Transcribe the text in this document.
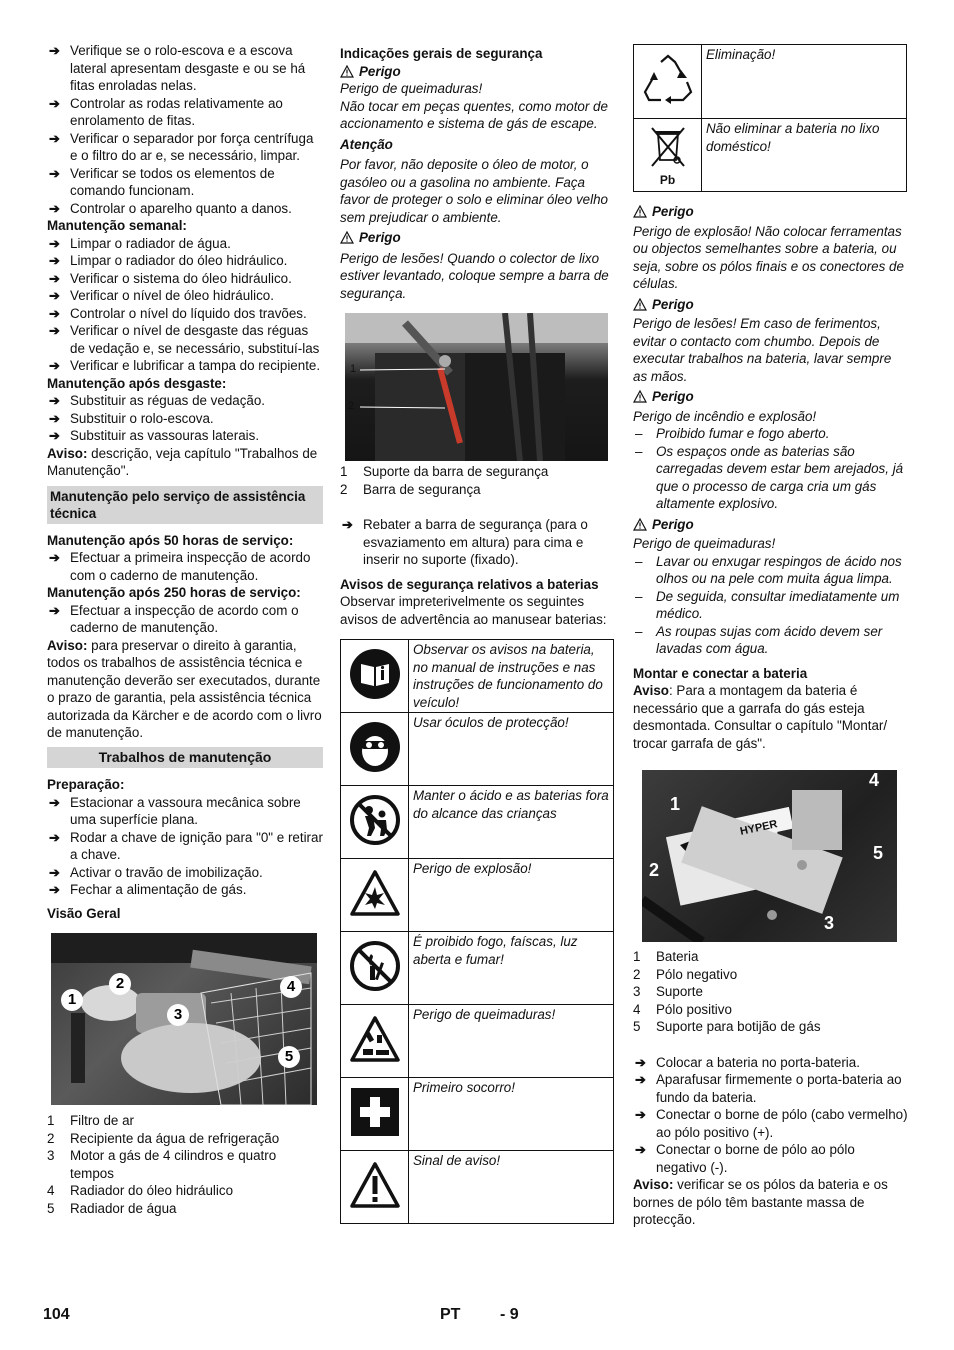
➔ Verifique se o rolo-escova e a escova lateral apresentam desgaste e ou se há fitas enroladas nelas.
➔ Controlar as rodas relativamente ao enrolamento de fitas.
➔ Verificar o separador por força centrífuga e o filtro do ar e, se necessário, limpar.
➔ Verificar se todos os elementos de comando funcionam.
➔ Controlar o aparelho quanto a danos.
Manutenção semanal:
➔ Limpar o radiador de água.
➔ Limpar o radiador do óleo hidráulico.
➔ Verificar o sistema do óleo hidráulico.
➔ Verificar o nível de óleo hidráulico.
➔ Controlar o nível do líquido dos travões.
➔ Verificar o nível de desgaste das réguas de vedação e, se necessário, substituí-las
➔ Verificar e lubrificar a tampa do recipiente.
Manutenção após desgaste:
➔ Substituir as réguas de vedação.
➔ Substituir o rolo-escova.
➔ Substituir as vassouras laterais.

Aviso: descrição, veja capítulo "Trabalhos de Manutenção".

Manutenção pelo serviço de assistência técnica
Manutenção após 50 horas de serviço:
➔ Efectuar a primeira inspecção de acordo com o caderno de manutenção.
Manutenção após 250 horas de serviço:
➔ Efectuar a inspecção de acordo com o caderno de manutenção.

Aviso: para preservar o direito à garantia, todos os trabalhos de assistência técnica e manutenção deverão ser executados, durante o prazo de garantia, pela assistência técnica autorizada da Kärcher e de acordo com o livro de manutenção.

Trabalhos de manutenção
Preparação:
➔ Estacionar a vassoura mecânica sobre uma superfície plana.
➔ Rodar a chave de ignição para "0" e retirar a chave.
➔ Activar o travão de imobilização.
➔ Fechar a alimentação de gás.
Visão Geral
1
2
3
4
5
1 Filtro de ar
2 Recipiente da água de refrigeração
3 Motor a gás de 4 cilindros e quatro tempos
4 Radiador do óleo hidráulico
5 Radiador de água
Indicações gerais de segurança
Perigo

Perigo de queimaduras!
Não tocar em peças quentes, como motor de accionamento e sistema de gás de escape.

Atenção

Por favor, não deposite o óleo de motor, o gasóleo ou a gasolina no ambiente. Faça favor de proteger o solo e eliminar óleo velho sem prejudicar o ambiente.

Perigo

Perigo de lesões! Quando o colector de lixo estiver levantado, coloque sempre a barra de segurança.

1
2
1 Suporte da barra de segurança
2 Barra de segurança
➔ Rebater a barra de segurança (para o esvaziamento em altura) para cima e inserir no suporte (fixado).
Avisos de segurança relativos a baterias

Observar impreterivelmente os seguintes avisos de advertência ao manusear baterias:

	Observar os avisos na bateria, no manual de instruções e nas instruções de funcionamento do veículo!
	Usar óculos de protecção!
	Manter o ácido e as baterias fora do alcance das crianças
	Perigo de explosão!
	É proibido fogo, faíscas, luz aberta e fumar!
	Perigo de queimaduras!
	Primeiro socorro!
	Sinal de aviso!
	Eliminação!

Pb	Não eliminar a bateria no lixo doméstico!
Perigo

Perigo de explosão! Não colocar ferramentas ou objectos semelhantes sobre a bateria, ou seja, sobre os pólos finais e os conectores de células.

Perigo

Perigo de lesões! Em caso de ferimentos, evitar o contacto com chumbo. Depois de executar trabalhos na bateria, lavar sempre as mãos.

Perigo

Perigo de incêndio e explosão!

– Proibido fumar e fogo aberto.
– Os espaços onde as baterias são carregadas devem estar bem arejados, já que o processo de carga cria um gás altamente explosivo.
Perigo

Perigo de queimaduras!

– Lavar ou enxugar respingos de ácido nos olhos ou na pele com muita água limpa.
– De seguida, consultar imediatamente um médico.
– As roupas sujas com ácido devem ser lavadas com água.
Montar e conectar a bateria

Aviso: Para a montagem da bateria é necessário que a garrafa do gás esteja desmontada. Consultar o capítulo "Montar/ trocar garrafa de gás".

HYPER
1
2
3
4
5
1 Bateria
2 Pólo negativo
3 Suporte
4 Pólo positivo
5 Suporte para botijão de gás
➔ Colocar a bateria no porta-bateria.
➔ Aparafusar firmemente o porta-bateria ao fundo da bateria.
➔ Conectar o borne de pólo (cabo vermelho) ao pólo positivo (+).
➔ Conectar o borne de pólo ao pólo negativo (-).

Aviso: verificar se os pólos da bateria e os bornes de pólo têm bastante massa de protecção.

104	PT - 9
